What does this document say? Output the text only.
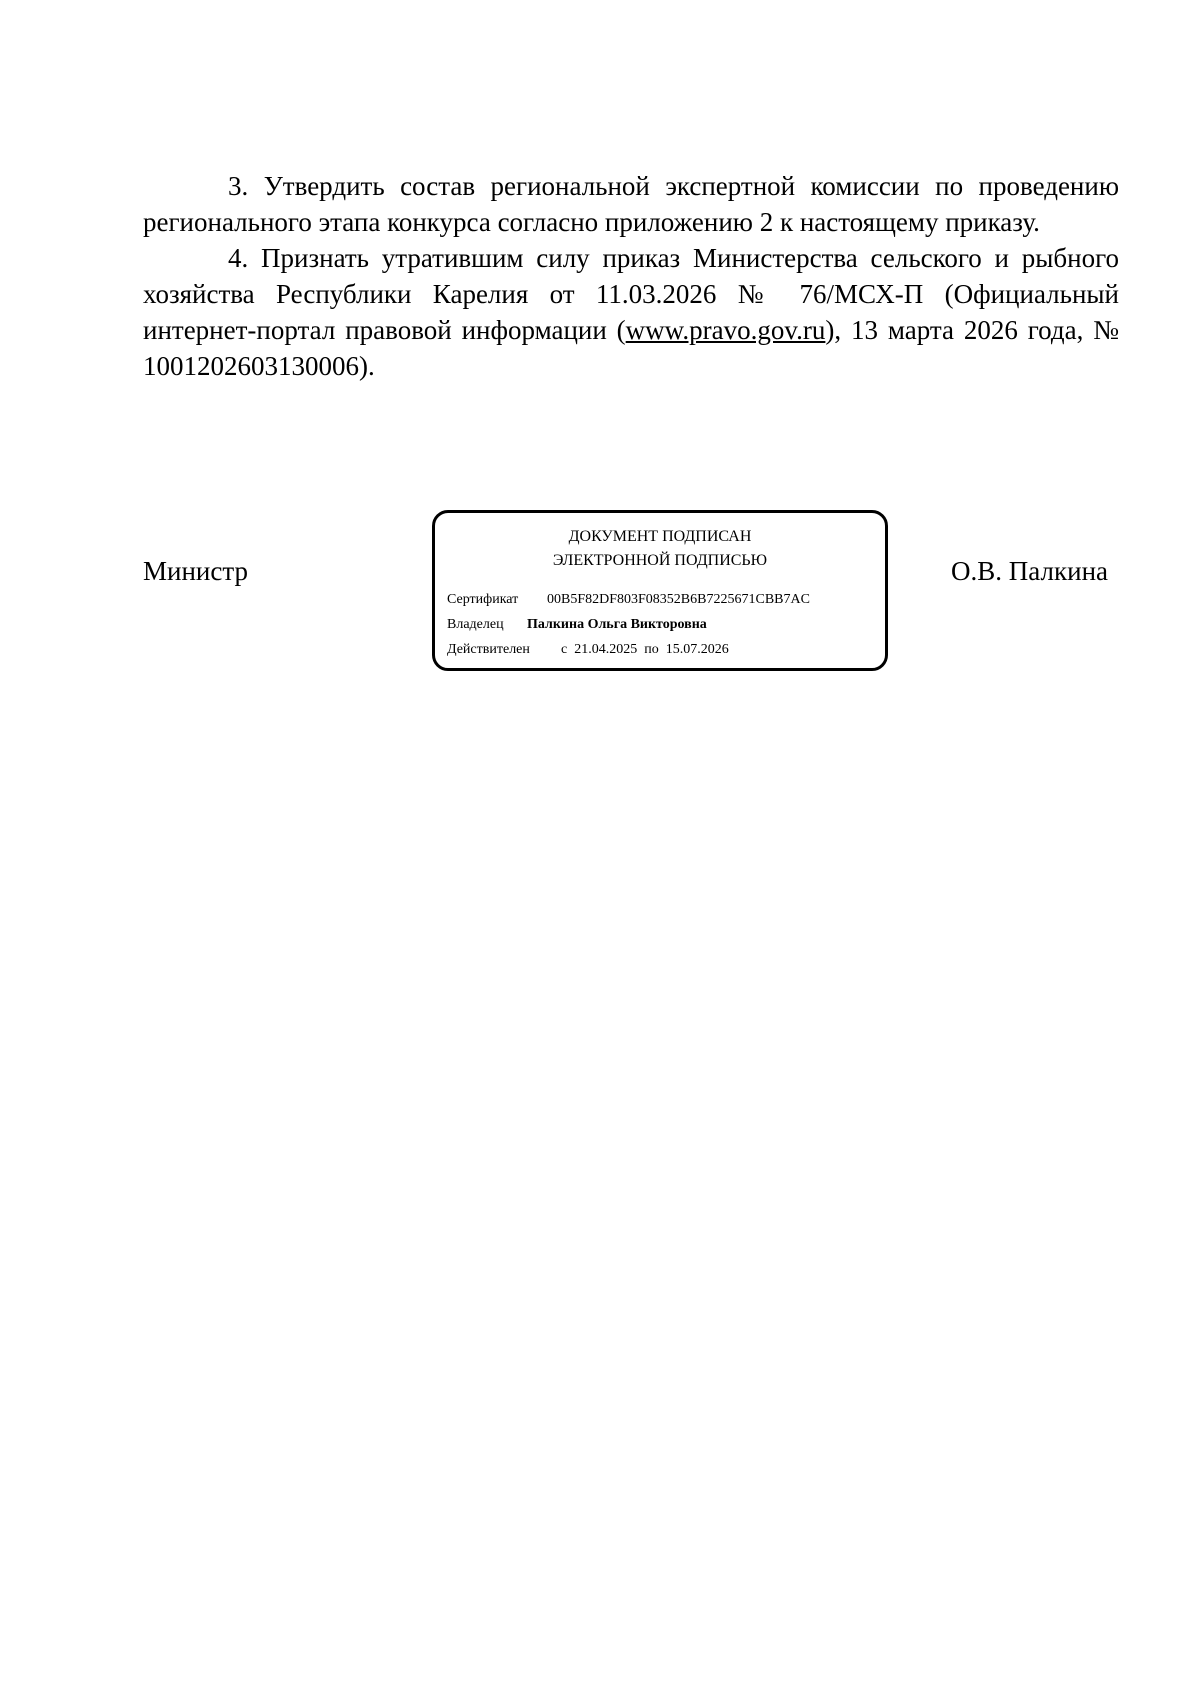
3. Утвердить состав региональной экспертной комиссии по проведению регионального этапа конкурса согласно приложению 2 к настоящему приказу.

4. Признать утратившим силу приказ Министерства сельского и рыбного хозяйства Республики Карелия от 11.03.2026 № 76/МСХ-П (Официальный интернет-портал правовой информации (www.pravo.gov.ru), 13 марта 2026 года, № 1001202603130006).

Министр
ДОКУМЕНТ ПОДПИСАН
ЭЛЕКТРОННОЙ ПОДПИСЬЮ
Сертификат 00B5F82DF803F08352B6B7225671CBB7AC
Владелец Палкина Ольга Викторовна
Действителен с 21.04.2025 по 15.07.2026
О.В. Палкина
